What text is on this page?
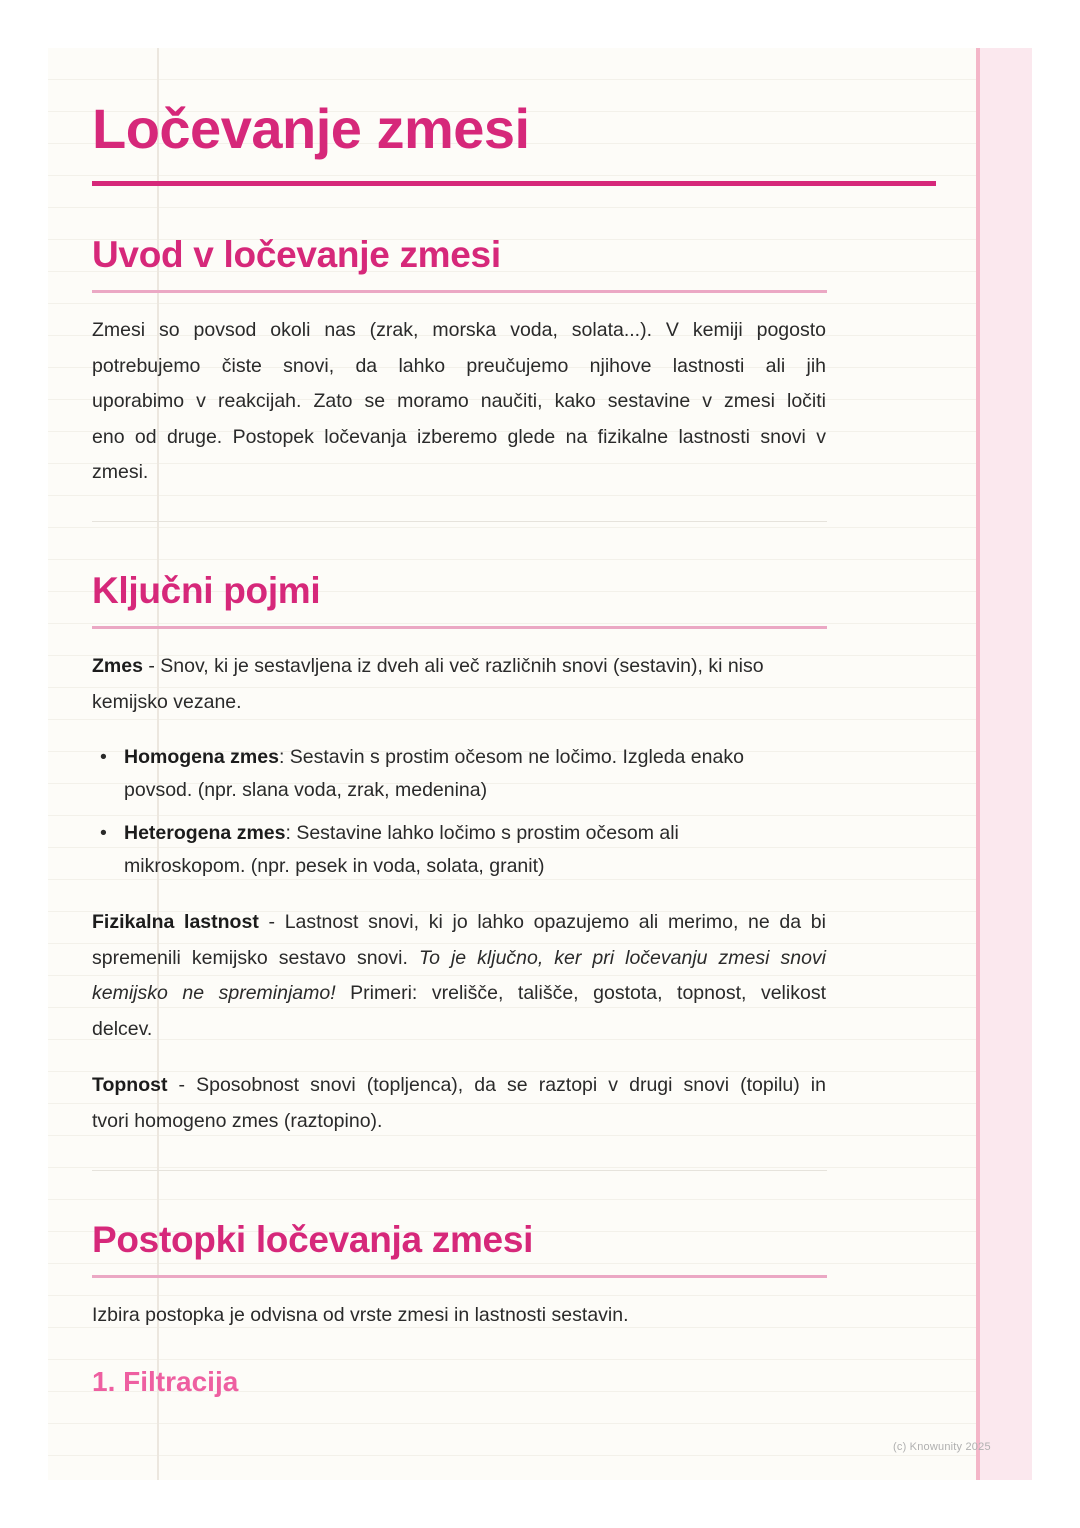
Ločevanje zmesi
Uvod v ločevanje zmesi

Zmesi so povsod okoli nas (zrak, morska voda, solata...). V kemiji pogosto

potrebujemo čiste snovi, da lahko preučujemo njihove lastnosti ali jih

uporabimo v reakcijah. Zato se moramo naučiti, kako sestavine v zmesi ločiti

eno od druge. Postopek ločevanja izberemo glede na fizikalne lastnosti snovi v

zmesi.

Ključni pojmi

Zmes - Snov, ki je sestavljena iz dveh ali več različnih snovi (sestavin), ki niso

kemijsko vezane.

• Homogena zmes: Sestavin s prostim očesom ne ločimo. Izgleda enako
povsod. (npr. slana voda, zrak, medenina)
• Heterogena zmes: Sestavine lahko ločimo s prostim očesom ali
mikroskopom. (npr. pesek in voda, solata, granit)

Fizikalna lastnost - Lastnost snovi, ki jo lahko opazujemo ali merimo, ne da bi

spremenili kemijsko sestavo snovi. To je ključno, ker pri ločevanju zmesi snovi

kemijsko ne spreminjamo! Primeri: vrelišče, tališče, gostota, topnost, velikost

delcev.

Topnost - Sposobnost snovi (topljenca), da se raztopi v drugi snovi (topilu) in

tvori homogeno zmes (raztopino).

Postopki ločevanja zmesi

Izbira postopka je odvisna od vrste zmesi in lastnosti sestavin.

1. Filtracija
(c) Knowunity 2025
